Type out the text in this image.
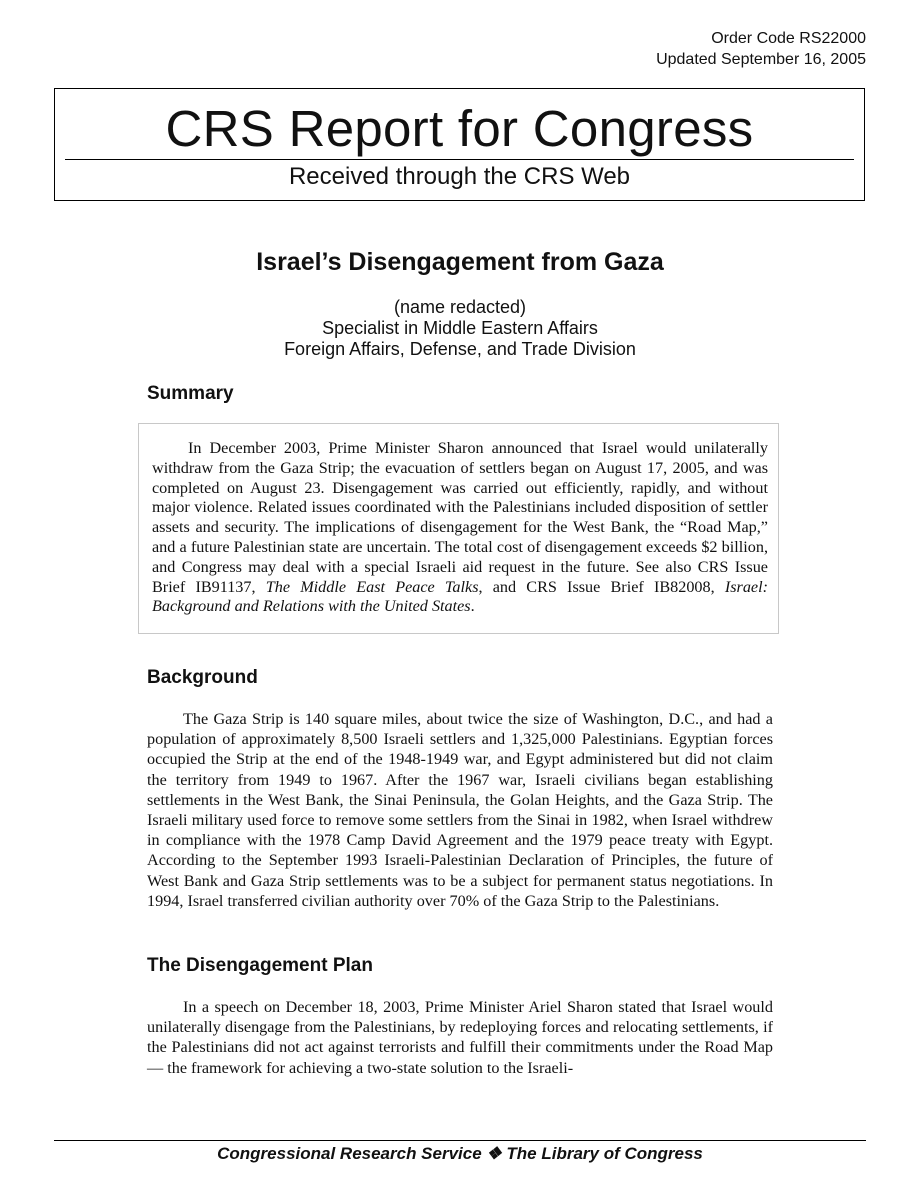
Order Code RS22000
Updated September 16, 2005
CRS Report for Congress
Received through the CRS Web
Israel’s Disengagement from Gaza
(name redacted)
Specialist in Middle Eastern Affairs
Foreign Affairs, Defense, and Trade Division
Summary
In December 2003, Prime Minister Sharon announced that Israel would unilaterally withdraw from the Gaza Strip; the evacuation of settlers began on August 17, 2005, and was completed on August 23. Disengagement was carried out efficiently, rapidly, and without major violence. Related issues coordinated with the Palestinians included disposition of settler assets and security. The implications of disengagement for the West Bank, the “Road Map,” and a future Palestinian state are uncertain. The total cost of disengagement exceeds $2 billion, and Congress may deal with a special Israeli aid request in the future. See also CRS Issue Brief IB91137, The Middle East Peace Talks, and CRS Issue Brief IB82008, Israel: Background and Relations with the United States.
Background
The Gaza Strip is 140 square miles, about twice the size of Washington, D.C., and had a population of approximately 8,500 Israeli settlers and 1,325,000 Palestinians. Egyptian forces occupied the Strip at the end of the 1948-1949 war, and Egypt administered but did not claim the territory from 1949 to 1967. After the 1967 war, Israeli civilians began establishing settlements in the West Bank, the Sinai Peninsula, the Golan Heights, and the Gaza Strip. The Israeli military used force to remove some settlers from the Sinai in 1982, when Israel withdrew in compliance with the 1978 Camp David Agreement and the 1979 peace treaty with Egypt. According to the September 1993 Israeli-Palestinian Declaration of Principles, the future of West Bank and Gaza Strip settlements was to be a subject for permanent status negotiations. In 1994, Israel transferred civilian authority over 70% of the Gaza Strip to the Palestinians.
The Disengagement Plan
In a speech on December 18, 2003, Prime Minister Ariel Sharon stated that Israel would unilaterally disengage from the Palestinians, by redeploying forces and relocating settlements, if the Palestinians did not act against terrorists and fulfill their commitments under the Road Map — the framework for achieving a two-state solution to the Israeli-
Congressional Research Service ❖ The Library of Congress
